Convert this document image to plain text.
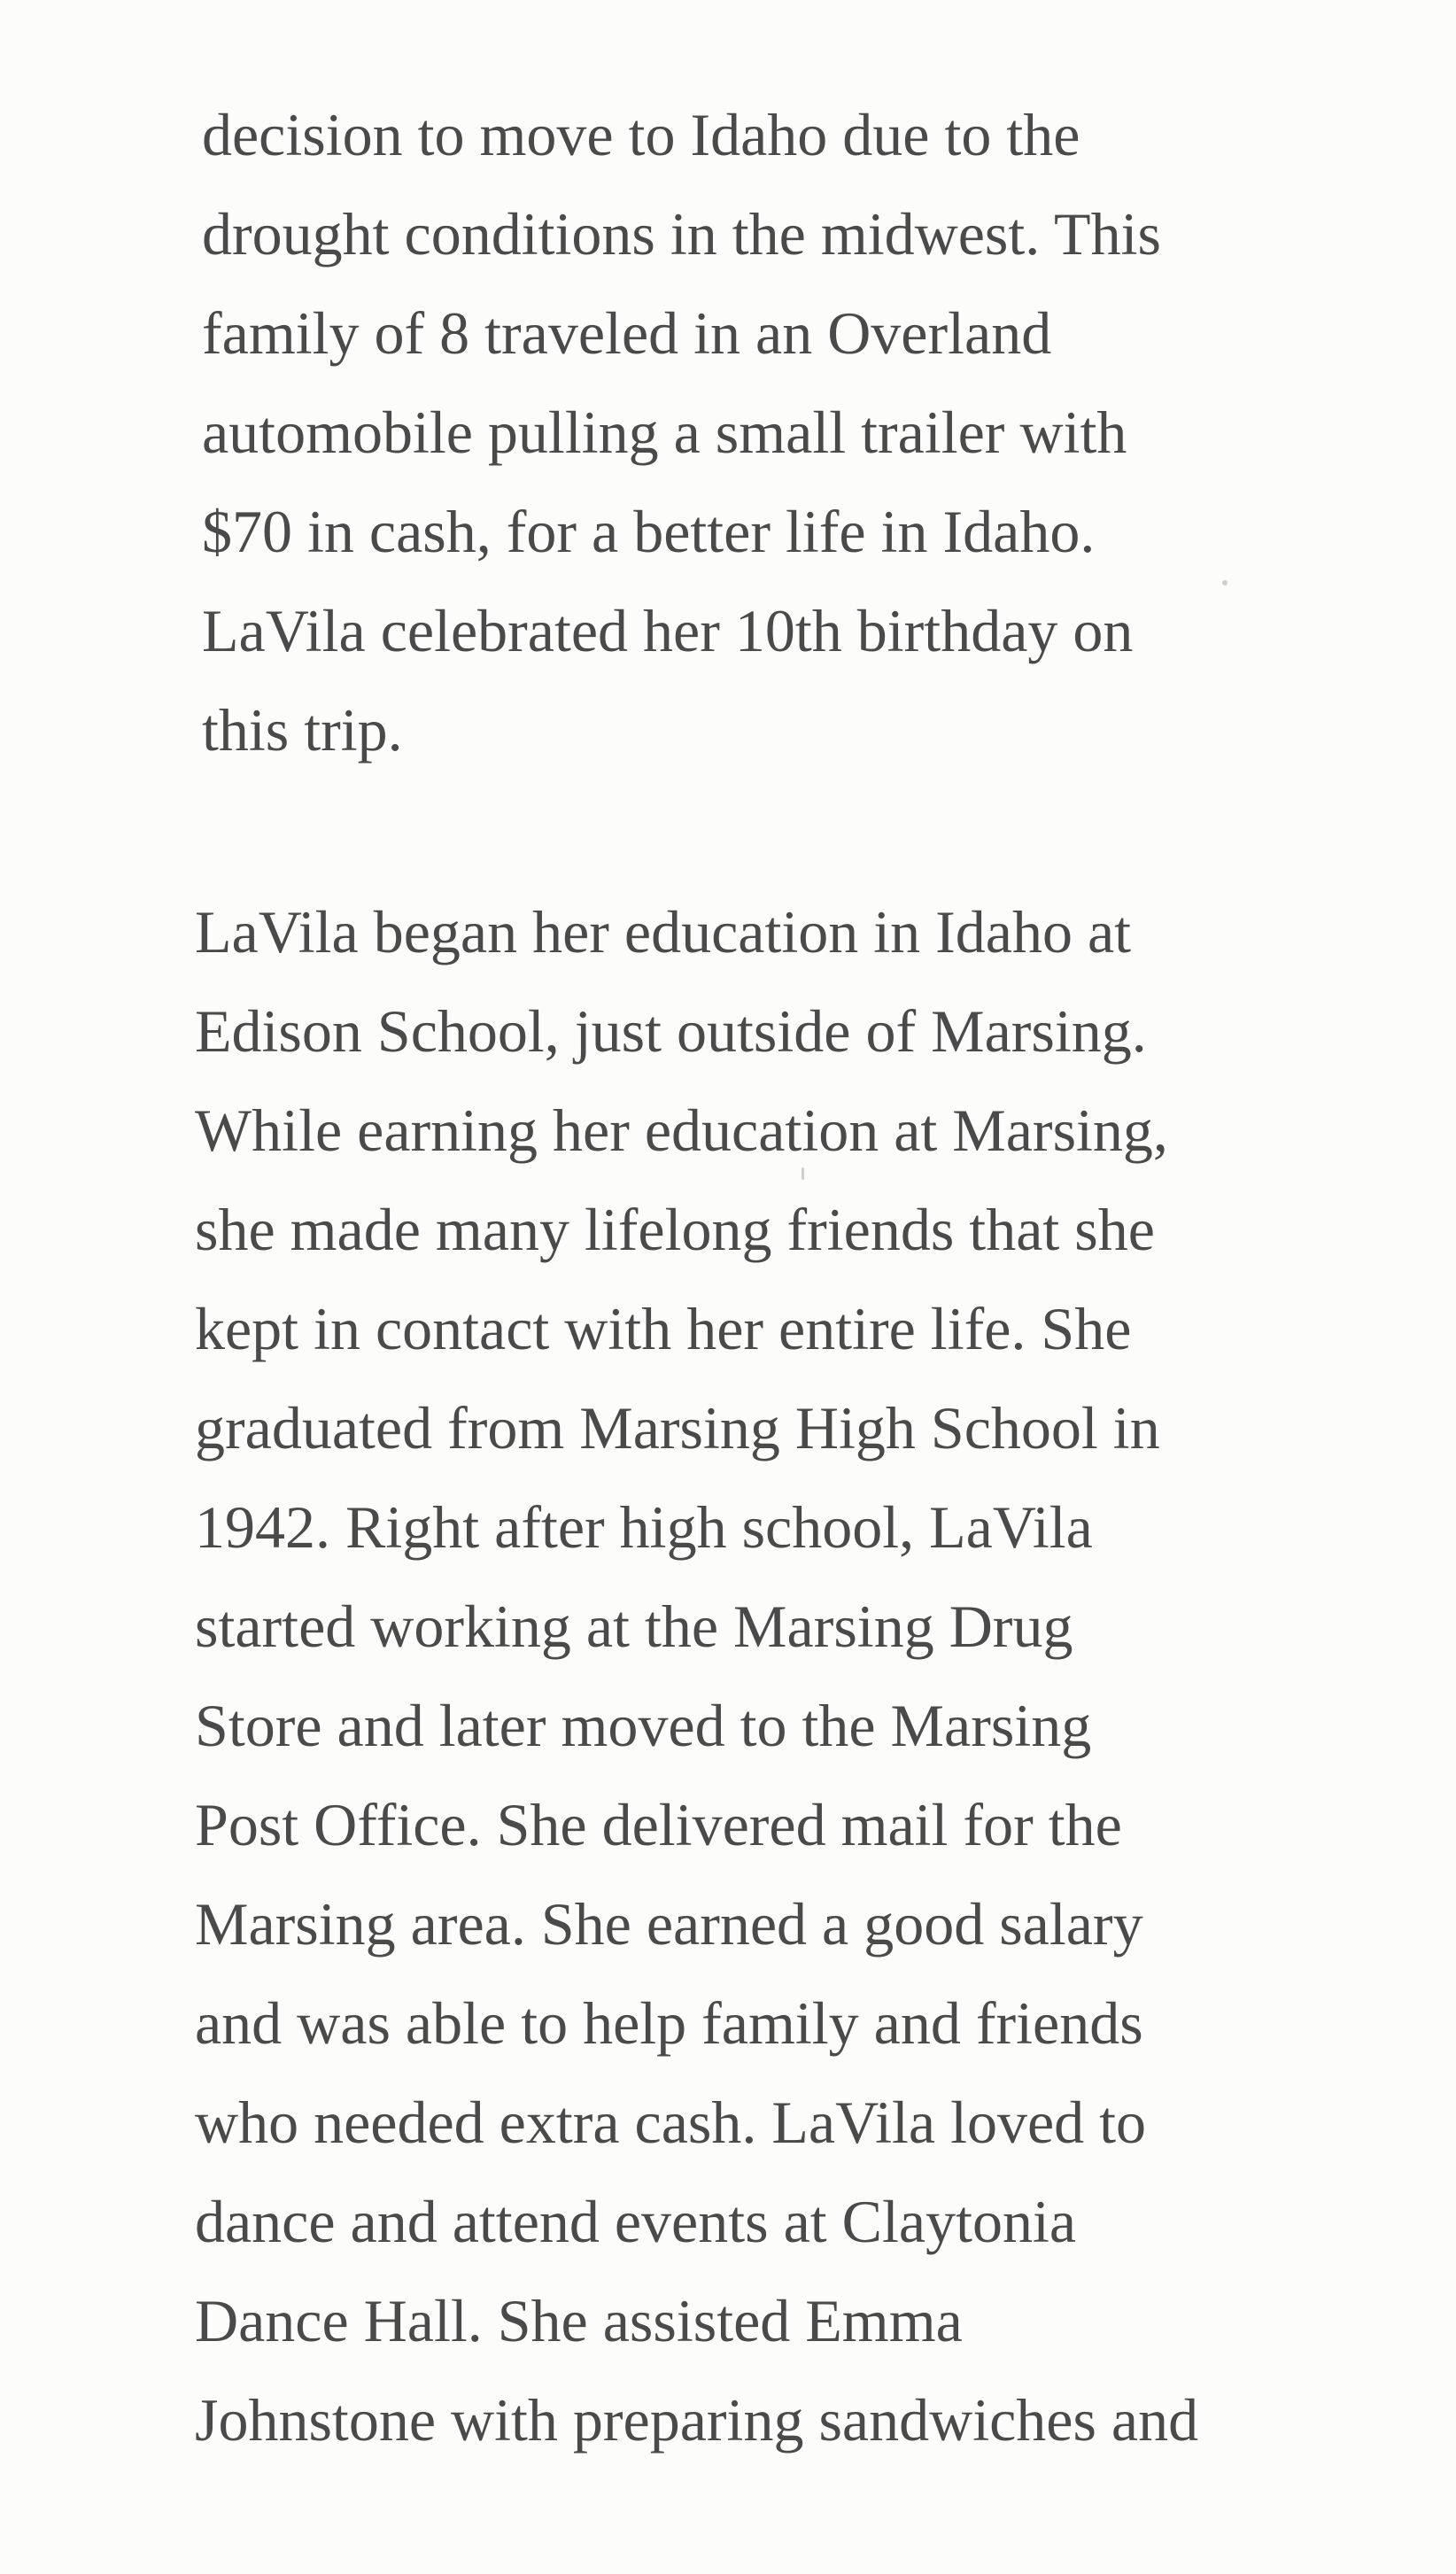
decision to move to Idaho due to the
drought conditions in the midwest. This
family of 8 traveled in an Overland
automobile pulling a small trailer with
$70 in cash, for a better life in Idaho.
LaVila celebrated her 10th birthday on
this trip.
LaVila began her education in Idaho at
Edison School, just outside of Marsing.
While earning her education at Marsing,
she made many lifelong friends that she
kept in contact with her entire life. She
graduated from Marsing High School in
1942. Right after high school, LaVila
started working at the Marsing Drug
Store and later moved to the Marsing
Post Office. She delivered mail for the
Marsing area. She earned a good salary
and was able to help family and friends
who needed extra cash. LaVila loved to
dance and attend events at Claytonia
Dance Hall. She assisted Emma
Johnstone with preparing sandwiches and
